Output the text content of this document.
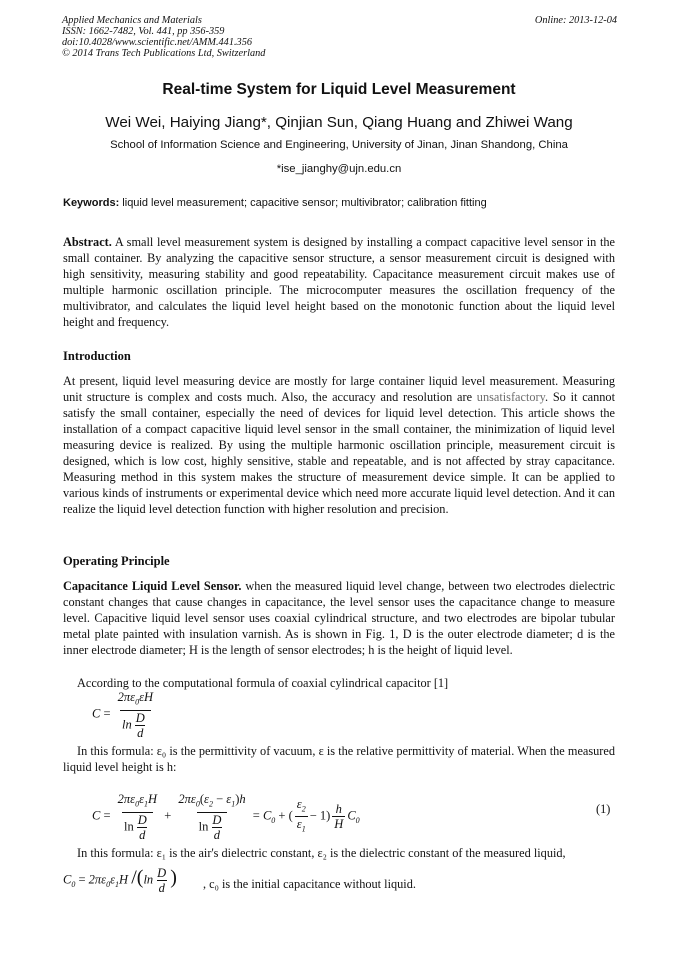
Applied Mechanics and Materials
ISSN: 1662-7482, Vol. 441, pp 356-359
doi:10.4028/www.scientific.net/AMM.441.356
© 2014 Trans Tech Publications Ltd, Switzerland
Online: 2013-12-04
Real-time System for Liquid Level Measurement
Wei Wei, Haiying Jiang*, Qinjian Sun, Qiang Huang and Zhiwei Wang
School of Information Science and Engineering, University of Jinan, Jinan Shandong, China
*ise_jianghy@ujn.edu.cn
Keywords: liquid level measurement; capacitive sensor; multivibrator; calibration fitting
Abstract. A small level measurement system is designed by installing a compact capacitive level sensor in the small container. By analyzing the capacitive sensor structure, a sensor measurement circuit is designed with high sensitivity, measuring stability and good repeatability. Capacitance measurement circuit makes use of multiple harmonic oscillation principle. The microcomputer measures the oscillation frequency of the multivibrator, and calculates the liquid level height based on the monotonic function about the liquid level height and frequency.
Introduction
At present, liquid level measuring device are mostly for large container liquid level measurement. Measuring unit structure is complex and costs much. Also, the accuracy and resolution are unsatisfactory. So it cannot satisfy the small container, especially the need of devices for liquid level detection. This article shows the installation of a compact capacitive liquid level sensor in the small container, the minimization of liquid level measuring device is realized. By using the multiple harmonic oscillation principle, measurement circuit is designed, which is low cost, highly sensitive, stable and repeatable, and is not affected by stray capacitance. Measuring method in this system makes the structure of measurement device simple. It can be applied to various kinds of instruments or experimental device which need more accurate liquid level detection. And it can realize the liquid level detection function with higher resolution and precision.
Operating Principle
Capacitance Liquid Level Sensor. when the measured liquid level change, between two electrodes dielectric constant changes that cause changes in capacitance, the level sensor uses the capacitance change to measure level. Capacitive liquid level sensor uses coaxial cylindrical structure, and two electrodes are bipolar tubular metal plate painted with insulation varnish. As is shown in Fig. 1, D is the outer electrode diameter; d is the inner electrode diameter; H is the length of sensor electrodes; h is the height of liquid level.
According to the computational formula of coaxial cylindrical capacitor [1]
$C = \frac{2\pi\varepsilon_0\varepsilon H}{\ln \frac{D}{d}}$
In this formula: ε₀ is the permittivity of vacuum, ε is the relative permittivity of material. When the measured liquid level height is h:
$C = \frac{2\pi\varepsilon_0\varepsilon_1H}{\ln \frac{D}{d}} + \frac{2\pi\varepsilon_0(\varepsilon_2 - \varepsilon_1)h}{\ln \frac{D}{d}} = C_0$ + ( $\frac{\varepsilon_2}{\varepsilon_1} - 1) \frac{h}{H} C_0$
(1)
In this formula: ε₁ is the air's dielectric constant, ε₂ is the dielectric constant of the measured liquid,
$C_0 = 2\pi\varepsilon_0\varepsilon_1H$ $/(\ln \frac{D}{d}$ ) , c₀ is the initial capacitance without liquid.
